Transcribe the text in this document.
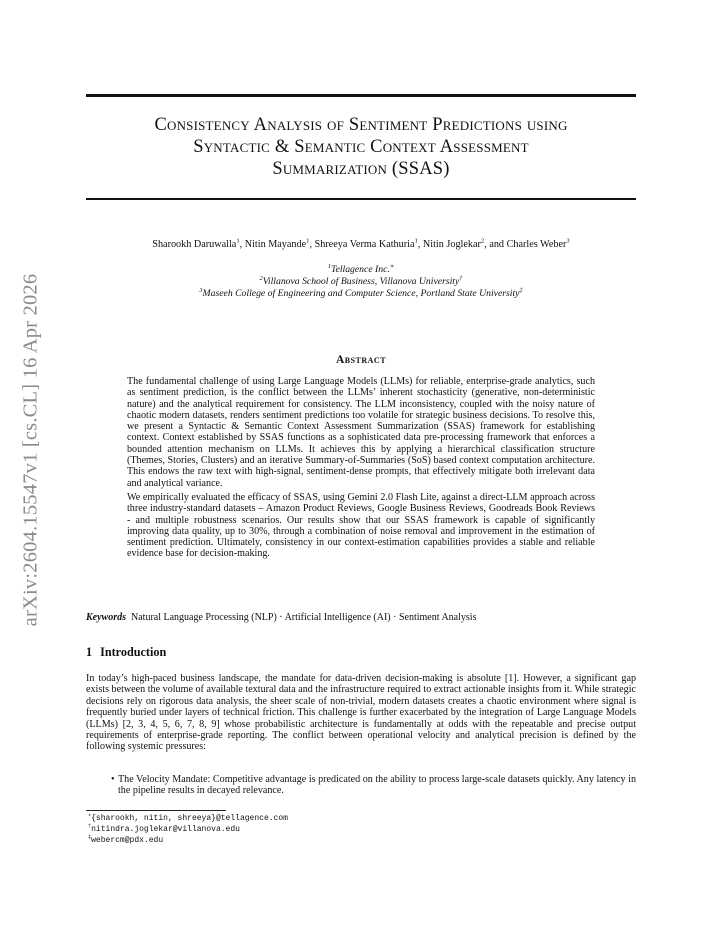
arXiv:2604.15547v1 [cs.CL] 16 Apr 2026
Consistency Analysis of Sentiment Predictions using
Syntactic & Semantic Context Assessment
Summarization (SSAS)
Sharookh Daruwalla$^1$, Nitin Mayande$^1$, Shreeya Verma Kathuria$^1$, Nitin Joglekar$^2$, and Charles Weber$^3$
$^1$Tellagence Inc.∗
$^2$Villanova School of Business, Villanova University†
$^3$Maseeh College of Engineering and Computer Science, Portland State University‡
Abstract

The fundamental challenge of using Large Language Models (LLMs) for reliable, enterprise-grade analytics, such as sentiment prediction, is the conflict between the LLMs’ inherent stochasticity (generative, non-deterministic nature) and the analytical requirement for consistency. The LLM inconsistency, coupled with the noisy nature of chaotic modern datasets, renders sentiment predictions too volatile for strategic business decisions. To resolve this, we present a Syntactic & Semantic Context Assessment Summarization (SSAS) framework for establishing context. Context established by SSAS functions as a sophisticated data pre-processing framework that enforces a bounded attention mechanism on LLMs. It achieves this by applying a hierarchical classification structure (Themes, Stories, Clusters) and an iterative Summary-of-Summaries (SoS) based context computation architecture. This endows the raw text with high-signal, sentiment-dense prompts, that effectively mitigate both irrelevant data and analytical variance.

We empirically evaluated the efficacy of SSAS, using Gemini 2.0 Flash Lite, against a direct-LLM approach across three industry-standard datasets – Amazon Product Reviews, Google Business Reviews, Goodreads Book Reviews - and multiple robustness scenarios. Our results show that our SSAS framework is capable of significantly improving data quality, up to 30%, through a combination of noise removal and improvement in the estimation of sentiment prediction. Ultimately, consistency in our context-estimation capabilities provides a stable and reliable evidence base for decision-making.

Keywords Natural Language Processing (NLP) · Artificial Intelligence (AI) · Sentiment Analysis
1 Introduction
In today’s high-paced business landscape, the mandate for data-driven decision-making is absolute [1]. However, a significant gap exists between the volume of available textural data and the infrastructure required to extract actionable insights from it. While strategic decisions rely on rigorous data analysis, the sheer scale of non-trivial, modern datasets creates a chaotic environment where signal is frequently buried under layers of technical friction. This challenge is further exacerbated by the integration of Large Language Models (LLMs) [2, 3, 4, 5, 6, 7, 8, 9] whose probabilistic architecture is fundamentally at odds with the repeatable and precise output requirements of enterprise-grade reporting. The conflict between operational velocity and analytical precision is defined by the following systemic pressures:
• The Velocity Mandate: Competitive advantage is predicated on the ability to process large-scale datasets quickly. Any latency in the pipeline results in decayed relevance.
∗{sharookh, nitin, shreeya}@tellagence.com
†nitindra.joglekar@villanova.edu
‡webercm@pdx.edu
